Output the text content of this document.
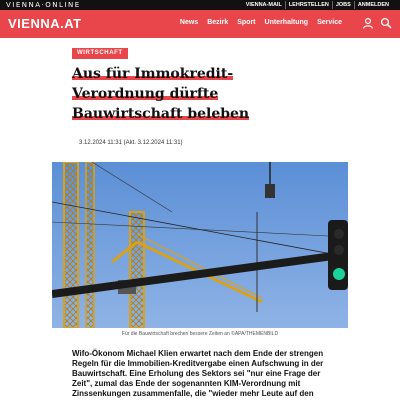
VIENNA·ONLINE	VIENNA-MAIL	LEHRSTELLEN	JOBS	ANMELDEN
VIENNA.AT	News Bezirk Sport Unterhaltung Service
WIRTSCHAFT
Aus für Immokredit-
Verordnung dürfte
Bauwirtschaft beleben
3.12.2024 11:31 (Akt. 3.12.2024 11:31)
Für die Bauwirtschaft brechen bessere Zeiten an ©APA/THEMENBILD

Wifo-Ökonom Michael Klien erwartet nach dem Ende der strengen Regeln für die Immobilien-Kreditvergabe einen Aufschwung in der Bauwirtschaft. Eine Erholung des Sektors sei "nur eine Frage der Zeit", zumal das Ende der sogenannten KIM-Verordnung mit Zinssenkungen zusammenfalle, die "wieder mehr Leute auf den
